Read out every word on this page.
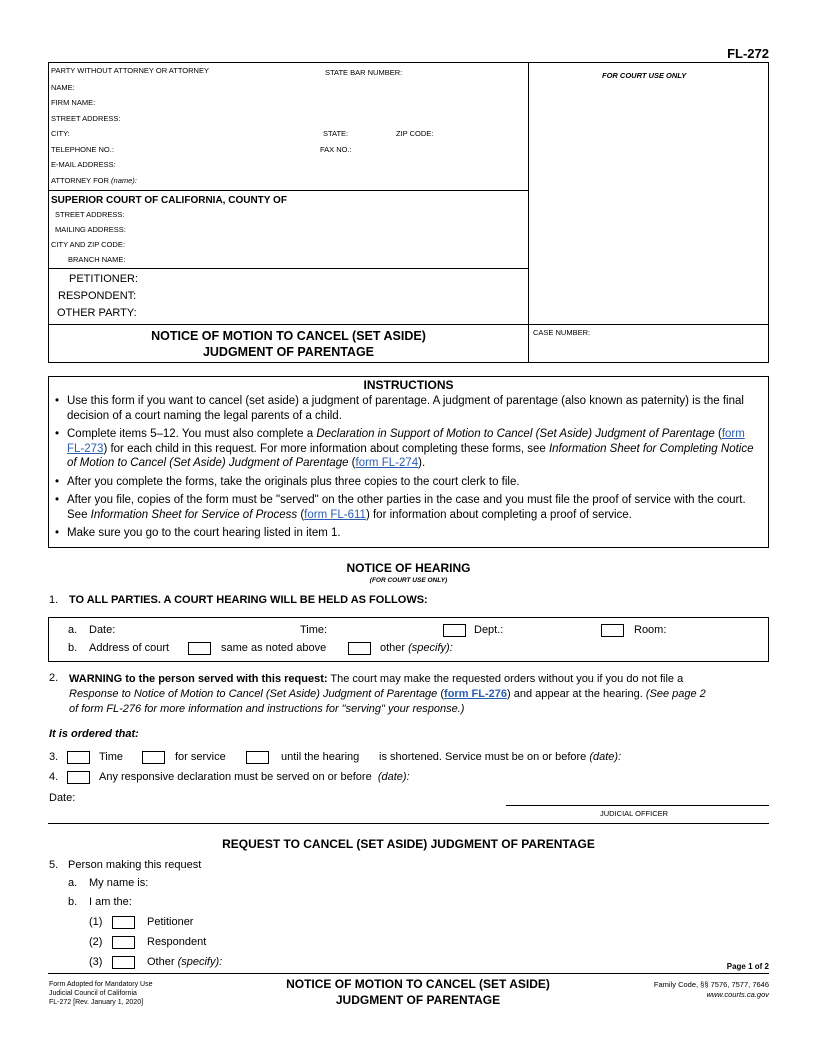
FL-272
PARTY WITHOUT ATTORNEY OR ATTORNEY	STATE BAR NUMBER:
NAME:
FIRM NAME:
STREET ADDRESS:
CITY:	STATE:	ZIP CODE:
TELEPHONE NO.:	FAX NO.:
E-MAIL ADDRESS:
ATTORNEY FOR (name):
FOR COURT USE ONLY
SUPERIOR COURT OF CALIFORNIA, COUNTY OF
STREET ADDRESS:
MAILING ADDRESS:
CITY AND ZIP CODE:
BRANCH NAME:
PETITIONER:
RESPONDENT:
OTHER PARTY:
NOTICE OF MOTION TO CANCEL (SET ASIDE)
JUDGMENT OF PARENTAGE
CASE NUMBER:
INSTRUCTIONS
• Use this form if you want to cancel (set aside) a judgment of parentage. A judgment of parentage (also known as paternity) is the final decision of a court naming the legal parents of a child.
• Complete items 5–12. You must also complete a Declaration in Support of Motion to Cancel (Set Aside) Judgment of Parentage (form FL-273) for each child in this request. For more information about completing these forms, see Information Sheet for Completing Notice of Motion to Cancel (Set Aside) Judgment of Parentage (form FL-274).
• After you complete the forms, take the originals plus three copies to the court clerk to file.
• After you file, copies of the form must be "served" on the other parties in the case and you must file the proof of service with the court. See Information Sheet for Service of Process (form FL-611) for information about completing a proof of service.
• Make sure you go to the court hearing listed in item 1.
NOTICE OF HEARING
(FOR COURT USE ONLY)
1. TO ALL PARTIES. A COURT HEARING WILL BE HELD AS FOLLOWS:
a. Date:	Time:	Dept.:	Room:
b. Address of court	same as noted above	other (specify):
2. WARNING to the person served with this request: The court may make the requested orders without you if you do not file a
Response to Notice of Motion to Cancel (Set Aside) Judgment of Parentage (form FL-276) and appear at the hearing. (See page 2
of form FL-276 for more information and instructions for "serving" your response.)
It is ordered that:
3.	Time	for service	until the hearing is shortened. Service must be on or before (date):
4.	Any responsive declaration must be served on or before (date):
Date:
JUDICIAL OFFICER
REQUEST TO CANCEL (SET ASIDE) JUDGMENT OF PARENTAGE
5. Person making this request
a. My name is:
b. I am the:
(1)	Petitioner
(2)	Respondent
(3)	Other (specify):	Page 1 of 2
Form Adopted for Mandatory Use
Judicial Council of California
FL-272 [Rev. January 1, 2020]
NOTICE OF MOTION TO CANCEL (SET ASIDE)
JUDGMENT OF PARENTAGE
Family Code, §§ 7576, 7577, 7646
www.courts.ca.gov
